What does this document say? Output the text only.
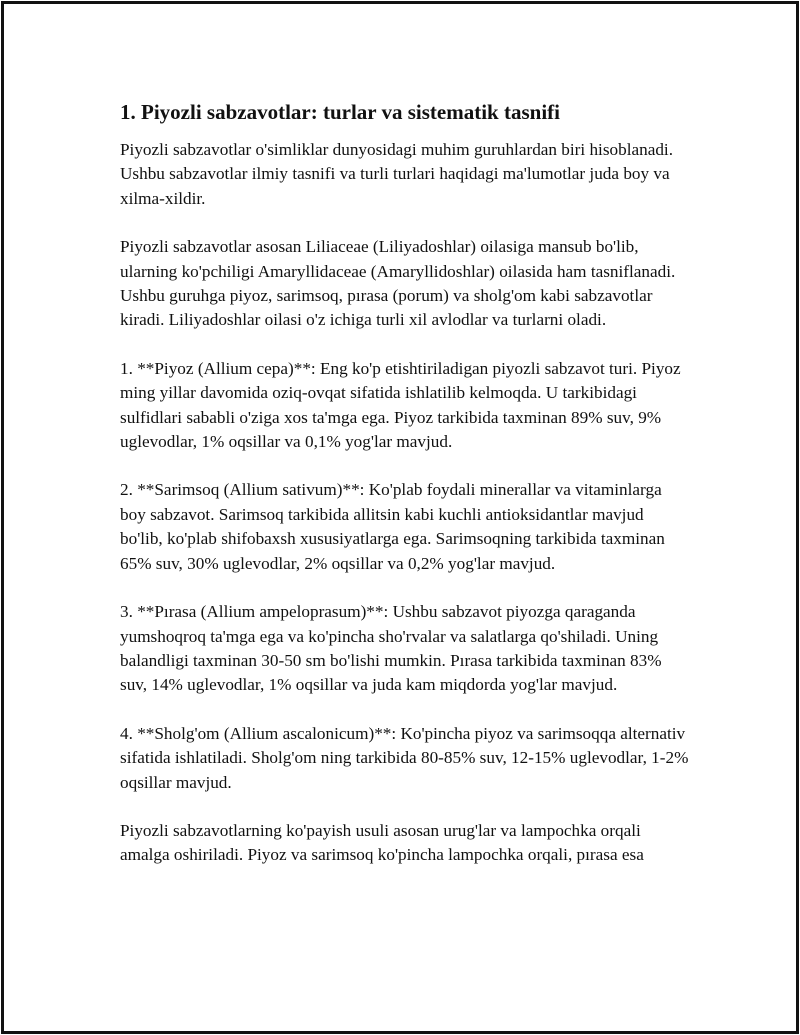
1. Piyozli sabzavotlar: turlar va sistematik tasnifi

Piyozli sabzavotlar o'simliklar dunyosidagi muhim guruhlardan biri hisoblanadi. Ushbu sabzavotlar ilmiy tasnifi va turli turlari haqidagi ma'lumotlar juda boy va xilma-xildir.

Piyozli sabzavotlar asosan Liliaceae (Liliyadoshlar) oilasiga mansub bo'lib, ularning ko'pchiligi Amaryllidaceae (Amaryllidoshlar) oilasida ham tasniflanadi. Ushbu guruhga piyoz, sarimsoq, pırasa (porum) va sholg'om kabi sabzavotlar kiradi. Liliyadoshlar oilasi o'z ichiga turli xil avlodlar va turlarni oladi.

1. **Piyoz (Allium cepa)**: Eng ko'p etishtiriladigan piyozli sabzavot turi. Piyoz ming yillar davomida oziq-ovqat sifatida ishlatilib kelmoqda. U tarkibidagi sulfidlari sababli o'ziga xos ta'mga ega. Piyoz tarkibida taxminan 89% suv, 9% uglevodlar, 1% oqsillar va 0,1% yog'lar mavjud.

2. **Sarimsoq (Allium sativum)**: Ko'plab foydali minerallar va vitaminlarga boy sabzavot. Sarimsoq tarkibida allitsin kabi kuchli antioksidantlar mavjud bo'lib, ko'plab shifobaxsh xususiyatlarga ega. Sarimsoqning tarkibida taxminan 65% suv, 30% uglevodlar, 2% oqsillar va 0,2% yog'lar mavjud.

3. **Pırasa (Allium ampeloprasum)**: Ushbu sabzavot piyozga qaraganda yumshoqroq ta'mga ega va ko'pincha sho'rvalar va salatlarga qo'shiladi. Uning balandligi taxminan 30-50 sm bo'lishi mumkin. Pırasa tarkibida taxminan 83% suv, 14% uglevodlar, 1% oqsillar va juda kam miqdorda yog'lar mavjud.

4. **Sholg'om (Allium ascalonicum)**: Ko'pincha piyoz va sarimsoqqa alternativ sifatida ishlatiladi. Sholg'om ning tarkibida 80-85% suv, 12-15% uglevodlar, 1-2% oqsillar mavjud.

Piyozli sabzavotlarning ko'payish usuli asosan urug'lar va lampochka orqali amalga oshiriladi. Piyoz va sarimsoq ko'pincha lampochka orqali, pırasa esa
